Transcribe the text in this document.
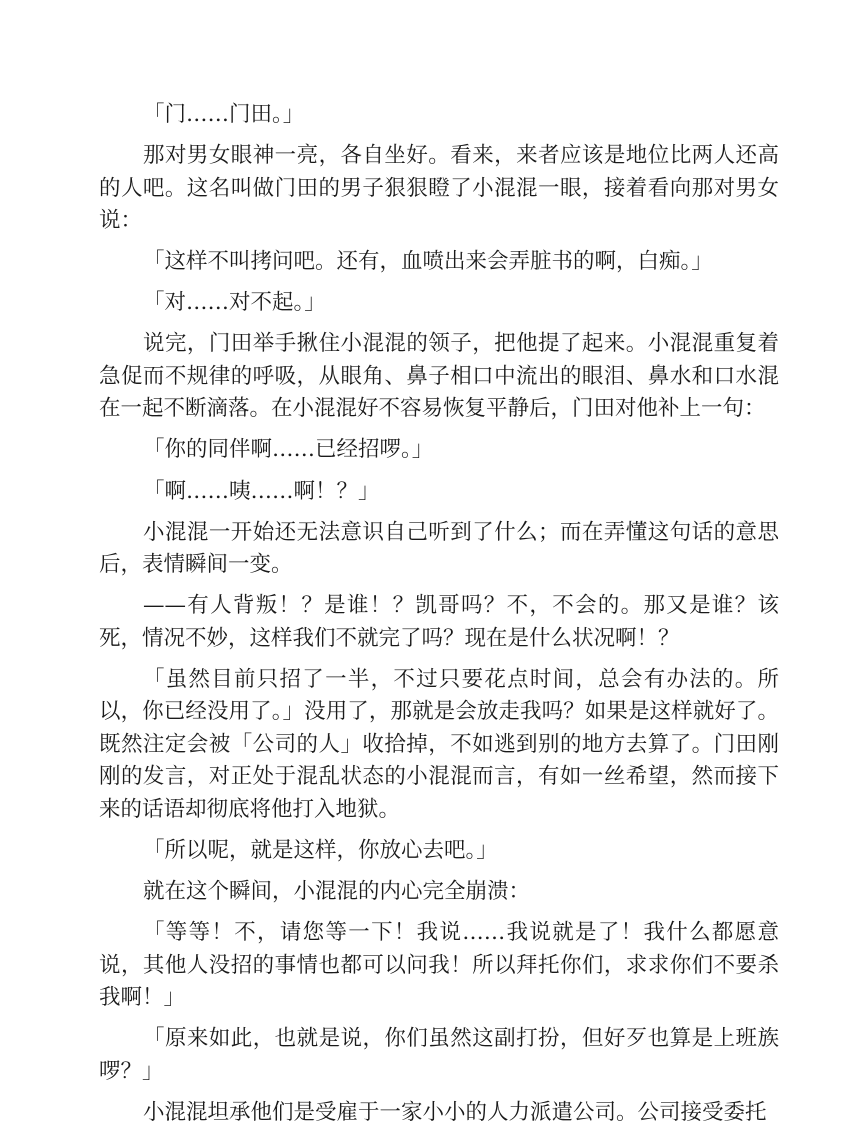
「门……门田。」

那对男女眼神一亮，各自坐好。看来，来者应该是地位比两人还高的人吧。这名叫做门田的男子狠狠瞪了小混混一眼，接着看向那对男女说：

「这样不叫拷问吧。还有，血喷出来会弄脏书的啊，白痴。」

「对……对不起。」

说完，门田举手揪住小混混的领子，把他提了起来。小混混重复着急促而不规律的呼吸，从眼角、鼻子相口中流出的眼泪、鼻水和口水混在一起不断滴落。在小混混好不容易恢复平静后，门田对他补上一句：

「你的同伴啊……已经招啰。」

「啊……咦……啊！？」

小混混一开始还无法意识自己听到了什么；而在弄懂这句话的意思后，表情瞬间一变。

——有人背叛！？是谁！？凯哥吗？不，不会的。那又是谁？该死，情况不妙，这样我们不就完了吗？现在是什么状况啊！？

「虽然目前只招了一半，不过只要花点时间，总会有办法的。所以，你已经没用了。」没用了，那就是会放走我吗？如果是这样就好了。既然注定会被「公司的人」收拾掉，不如逃到别的地方去算了。门田刚刚的发言，对正处于混乱状态的小混混而言，有如一丝希望，然而接下来的话语却彻底将他打入地狱。

「所以呢，就是这样，你放心去吧。」

就在这个瞬间，小混混的内心完全崩溃：

「等等！不，请您等一下！我说……我说就是了！我什么都愿意说，其他人没招的事情也都可以问我！所以拜托你们，求求你们不要杀我啊！」

「原来如此，也就是说，你们虽然这副打扮，但好歹也算是上班族啰？」

小混混坦承他们是受雇于一家小小的人力派遣公司。公司接受委托
